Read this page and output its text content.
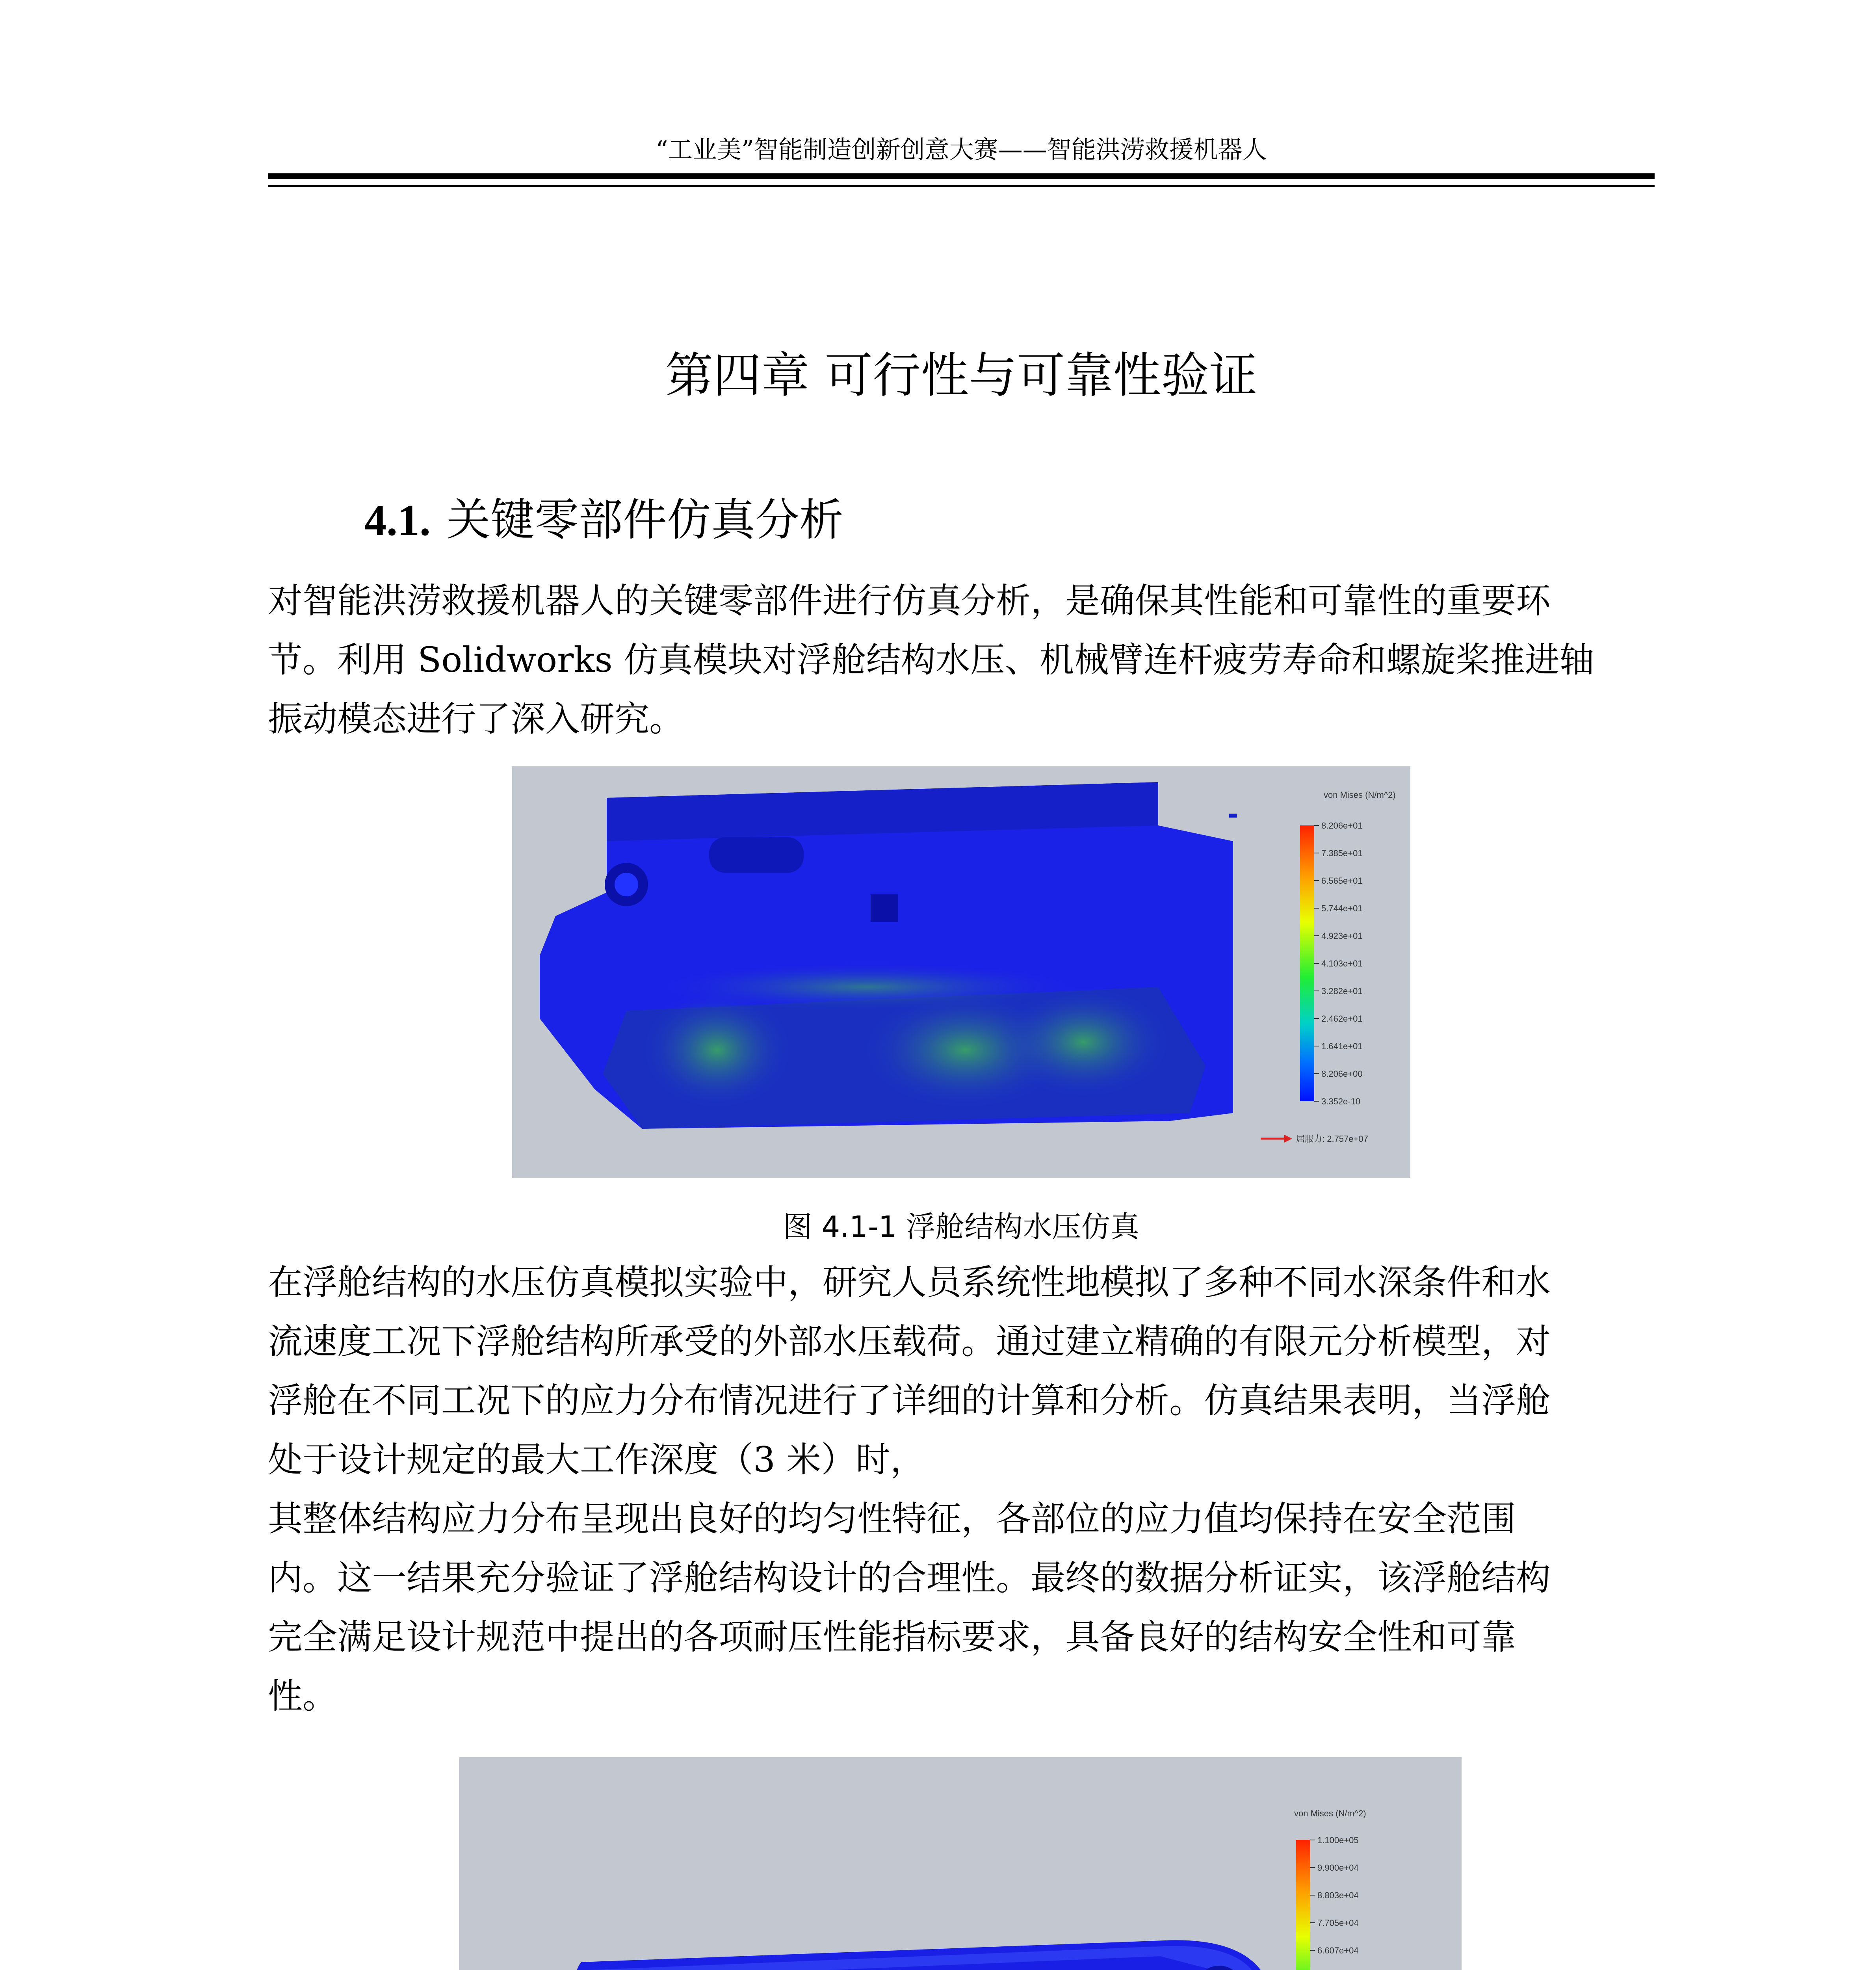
“工业美”智能制造创新创意大赛——智能洪涝救援机器人
第四章 可行性与可靠性验证
4.1. 关键零部件仿真分析
对智能洪涝救援机器人的关键零部件进行仿真分析，是确保其性能和可靠性的重要环
节。利用 Solidworks 仿真模块对浮舱结构水压、机械臂连杆疲劳寿命和螺旋桨推进轴
振动模态进行了深入研究。
von Mises (N/m^2)
8.206e+01
7.385e+01
6.565e+01
5.744e+01
4.923e+01
4.103e+01
3.282e+01
2.462e+01
1.641e+01
8.206e+00
3.352e-10
屈服力: 2.757e+07
图 4.1-1 浮舱结构水压仿真
在浮舱结构的水压仿真模拟实验中，研究人员系统性地模拟了多种不同水深条件和水
流速度工况下浮舱结构所承受的外部水压载荷。通过建立精确的有限元分析模型，对
浮舱在不同工况下的应力分布情况进行了详细的计算和分析。仿真结果表明，当浮舱
处于设计规定的最大工作深度（3 米）时，
其整体结构应力分布呈现出良好的均匀性特征，各部位的应力值均保持在安全范围
内。这一结果充分验证了浮舱结构设计的合理性。最终的数据分析证实，该浮舱结构
完全满足设计规范中提出的各项耐压性能指标要求，具备良好的结构安全性和可靠
性。
von Mises (N/m^2)
1.100e+05
9.900e+04
8.803e+04
7.705e+04
6.607e+04
